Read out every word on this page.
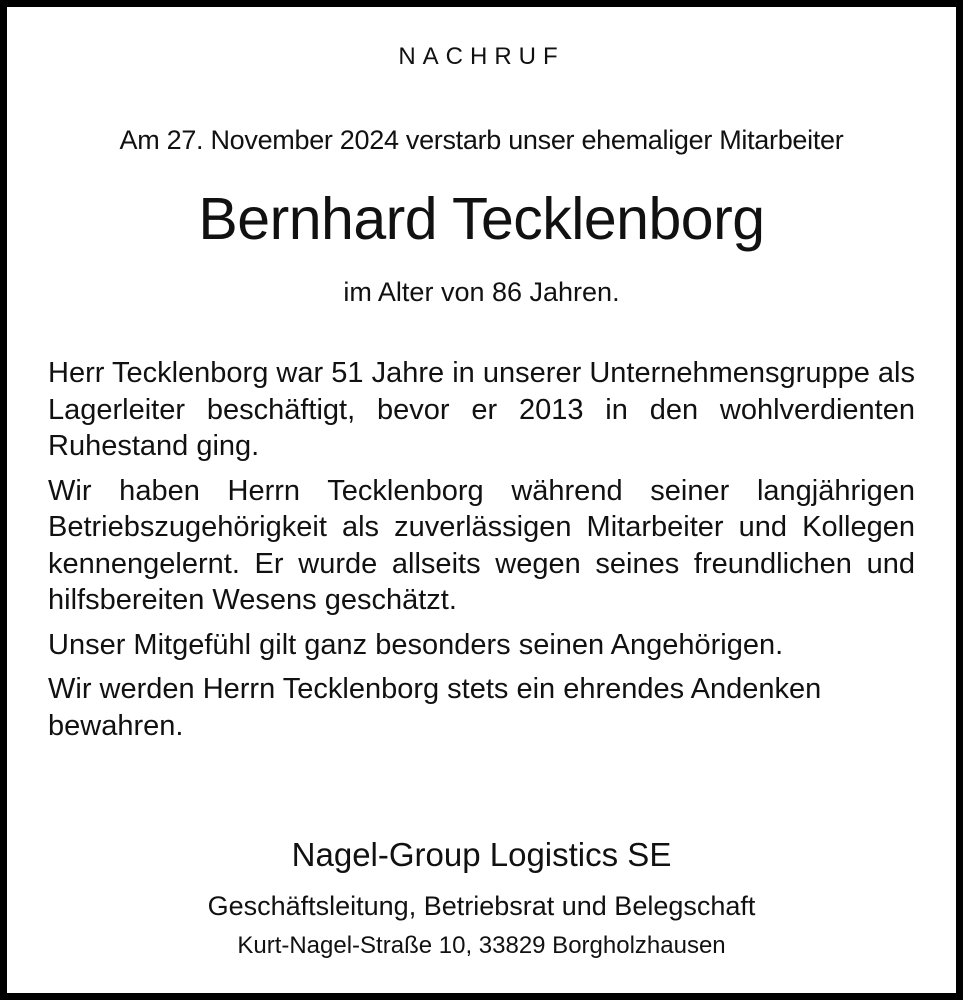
NACHRUF
Am 27. November 2024 verstarb unser ehemaliger Mitarbeiter
Bernhard Tecklenborg
im Alter von 86 Jahren.

Herr Tecklenborg war 51 Jahre in unserer Unternehmensgruppe als Lagerleiter beschäftigt, bevor er 2013 in den wohlverdienten Ruhestand ging.

Wir haben Herrn Tecklenborg während seiner langjährigen Betriebszugehörigkeit als zuverlässigen Mitarbeiter und Kollegen kennengelernt. Er wurde allseits wegen seines freundlichen und hilfsbereiten Wesens geschätzt.

Unser Mitgefühl gilt ganz besonders seinen Angehörigen.

Wir werden Herrn Tecklenborg stets ein ehrendes Andenken bewahren.

Nagel-Group Logistics SE
Geschäftsleitung, Betriebsrat und Belegschaft
Kurt-Nagel-Straße 10, 33829 Borgholzhausen
